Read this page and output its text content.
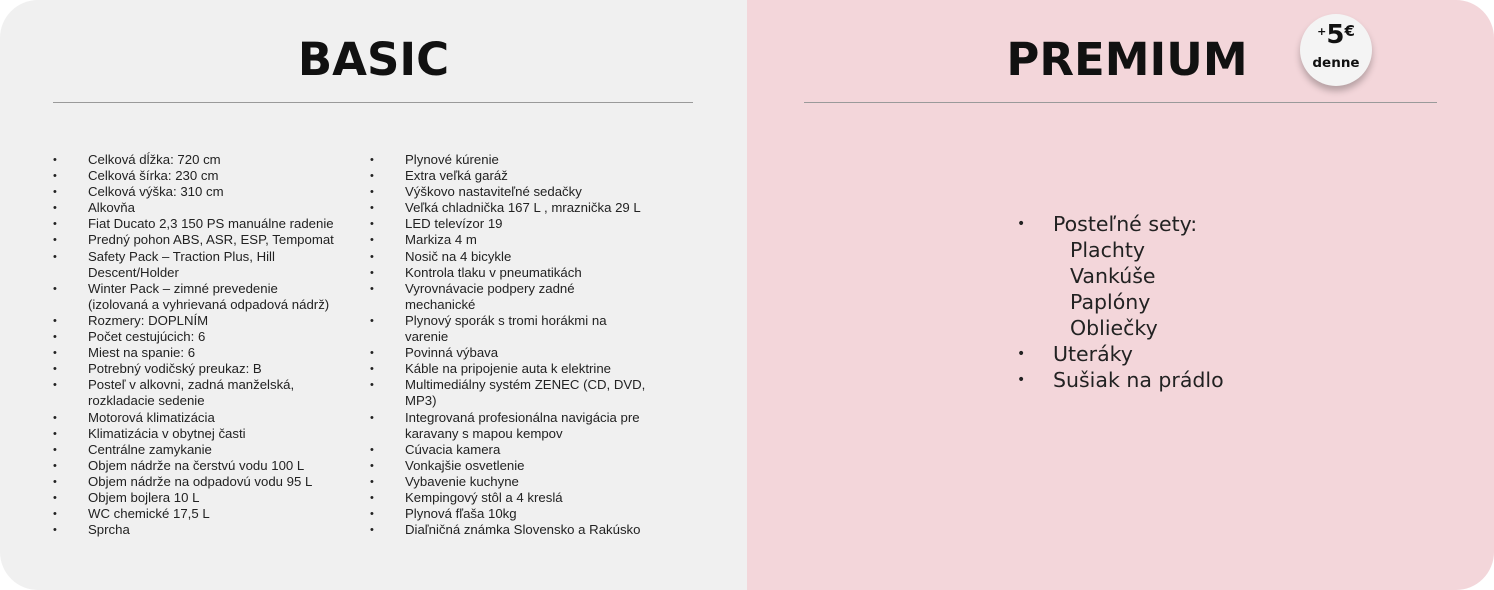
BASIC
• Celková dĺžka: 720 cm
• Celková šírka: 230 cm
• Celková výška: 310 cm
• Alkovňa
• Fiat Ducato 2,3 150 PS manuálne radenie
• Predný pohon ABS, ASR, ESP, Tempomat
• Safety Pack – Traction Plus, Hill
Descent/Holder
• Winter Pack – zimné prevedenie
(izolovaná a vyhrievaná odpadová nádrž)
• Rozmery: DOPLNÍM
• Počet cestujúcich: 6
• Miest na spanie: 6
• Potrebný vodičský preukaz: B
• Posteľ v alkovni, zadná manželská,
rozkladacie sedenie
• Motorová klimatizácia
• Klimatizácia v obytnej časti
• Centrálne zamykanie
• Objem nádrže na čerstvú vodu 100 L
• Objem nádrže na odpadovú vodu 95 L
• Objem bojlera 10 L
• WC chemické 17,5 L
• Sprcha
• Plynové kúrenie
• Extra veľká garáž
• Výškovo nastaviteľné sedačky
• Veľká chladnička 167 L , mraznička 29 L
• LED televízor 19
• Markiza 4 m
• Nosič na 4 bicykle
• Kontrola tlaku v pneumatikách
• Vyrovnávacie podpery zadné
mechanické
• Plynový sporák s tromi horákmi na
varenie
• Povinná výbava
• Káble na pripojenie auta k elektrine
• Multimediálny systém ZENEC (CD, DVD,
MP3)
• Integrovaná profesionálna navigácia pre
karavany s mapou kempov
• Cúvacia kamera
• Vonkajšie osvetlenie
• Vybavenie kuchyne
• Kempingový stôl a 4 kreslá
• Plynová fľaša 10kg
• Diaľničná známka Slovensko a Rakúsko
PREMIUM
+5€
denne
• Posteľné sety:
Plachty
Vankúše
Paplóny
Obliečky
• Uteráky
• Sušiak na prádlo
